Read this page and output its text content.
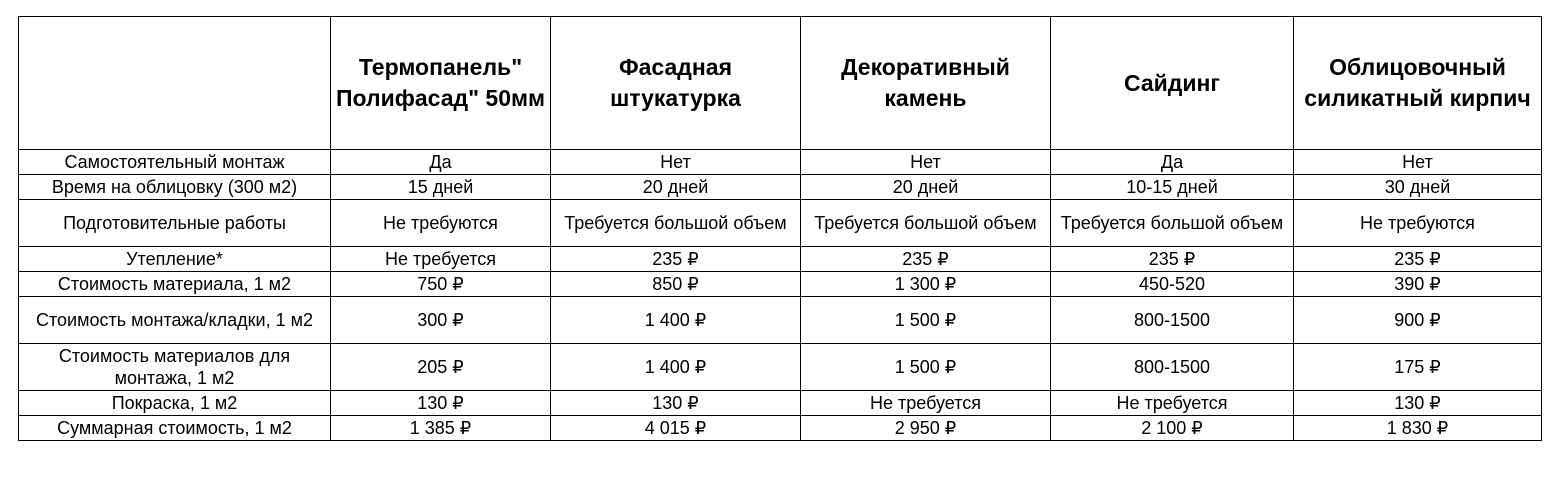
	Термопанель" Полифасад" 50мм	Фасадная штукатурка	Декоративный камень	Сайдинг	Облицовочный силикатный кирпич
Самостоятельный монтаж	Да	Нет	Нет	Да	Нет
Время на облицовку (300 м2)	15 дней	20 дней	20 дней	10-15 дней	30 дней
Подготовительные работы	Не требуются	Требуется большой объем	Требуется большой объем	Требуется большой объем	Не требуются
Утепление*	Не требуется	235 ₽	235 ₽	235 ₽	235 ₽
Стоимость материала, 1 м2	750 ₽	850 ₽	1 300 ₽	450-520	390 ₽
Стоимость монтажа/кладки, 1 м2	300 ₽	1 400 ₽	1 500 ₽	800-1500	900 ₽
Стоимость материалов для монтажа, 1 м2	205 ₽	1 400 ₽	1 500 ₽	800-1500	175 ₽
Покраска, 1 м2	130 ₽	130 ₽	Не требуется	Не требуется	130 ₽
Суммарная стоимость, 1 м2	1 385 ₽	4 015 ₽	2 950 ₽	2 100 ₽	1 830 ₽
